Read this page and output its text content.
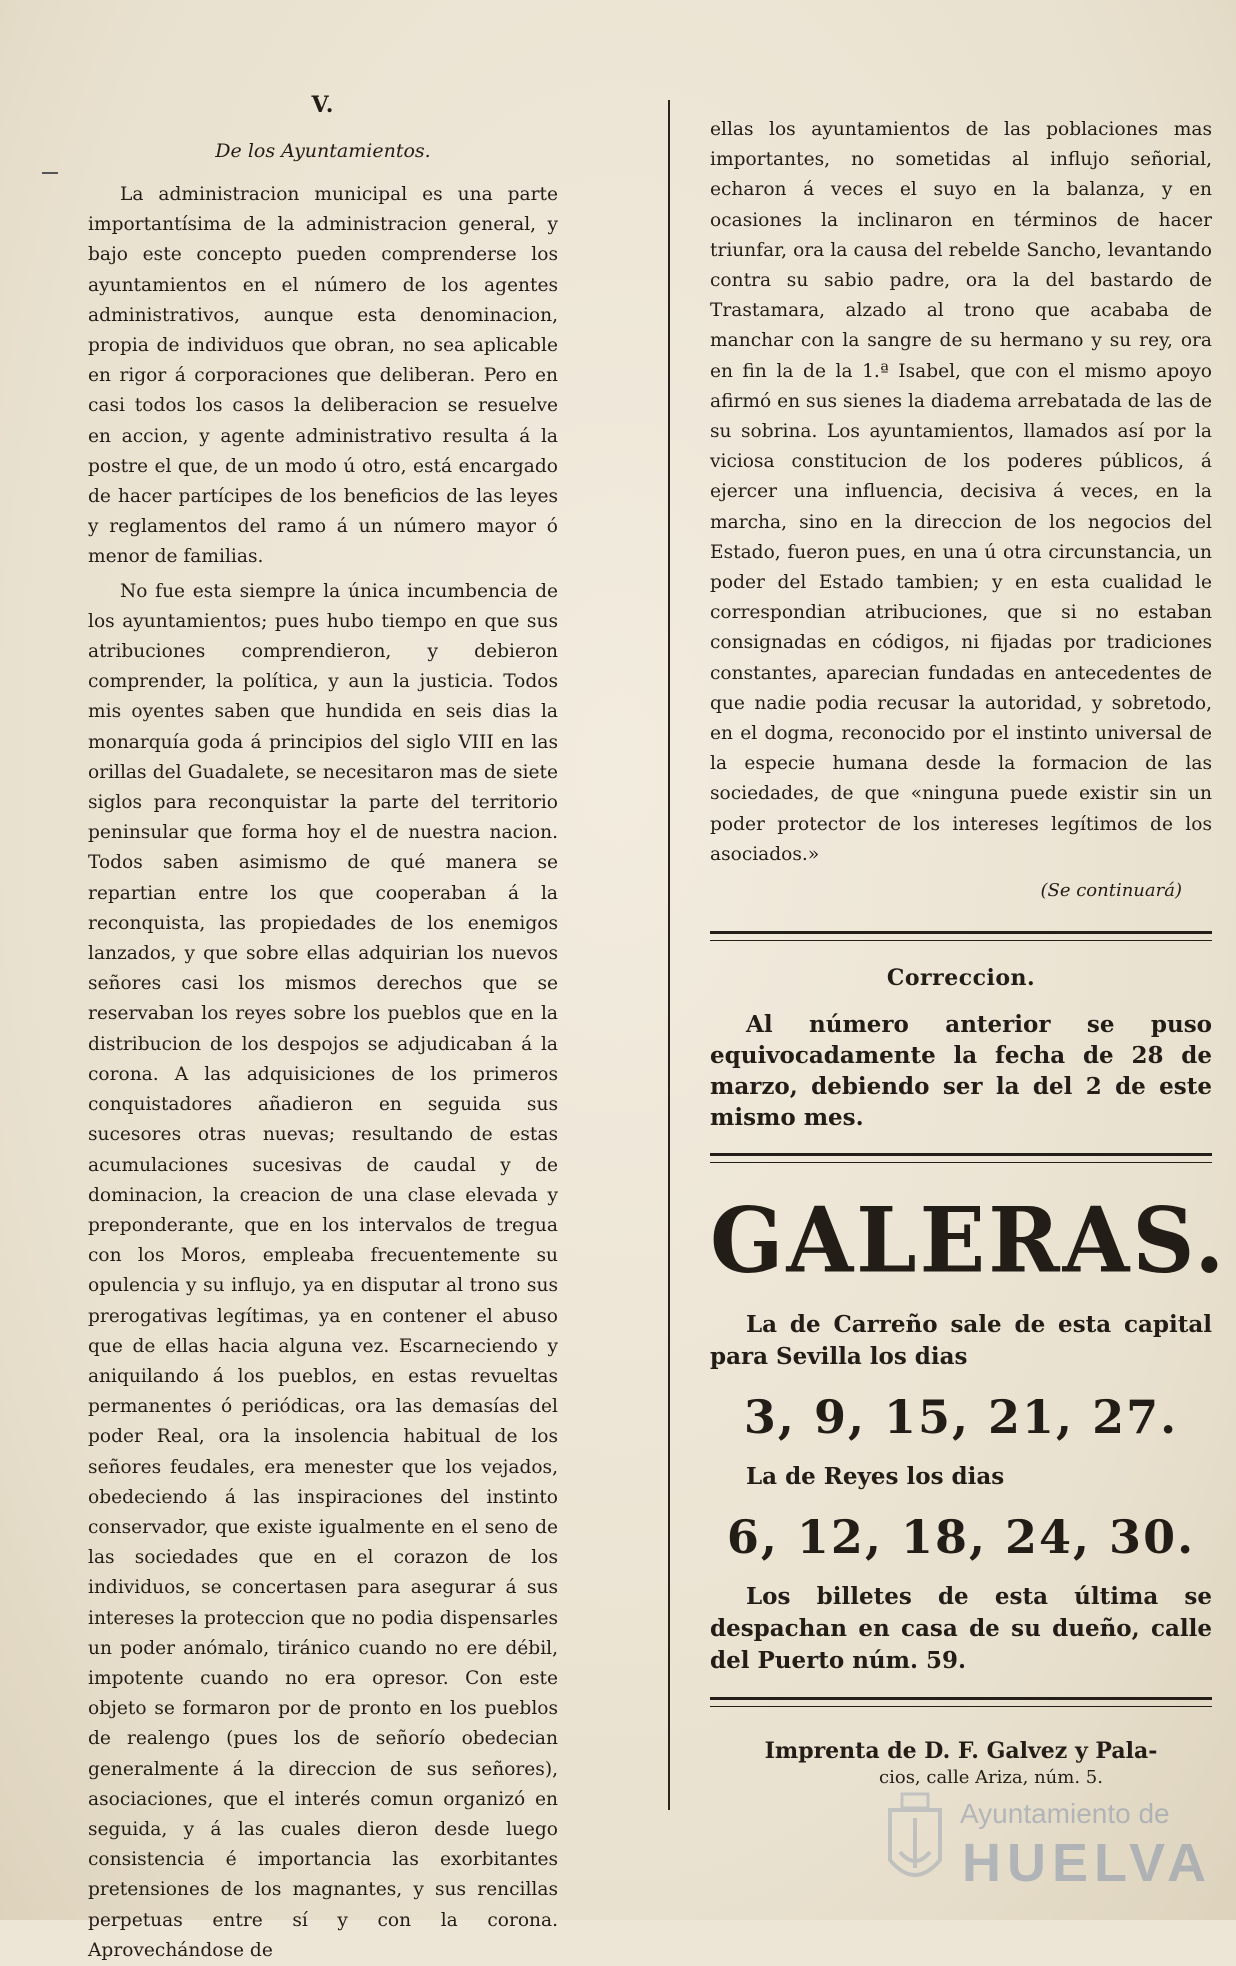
V.
De los Ayuntamientos.

La administracion municipal es una parte importantísima de la administracion general, y bajo este concepto pueden comprenderse los ayuntamientos en el número de los agentes administrativos, aunque esta denominacion, propia de individuos que obran, no sea aplicable en rigor á corporaciones que deliberan. Pero en casi todos los casos la deliberacion se resuelve en accion, y agente administrativo resulta á la postre el que, de un modo ú otro, está encargado de hacer partícipes de los beneficios de las leyes y reglamentos del ramo á un número mayor ó menor de familias.

No fue esta siempre la única incumbencia de los ayuntamientos; pues hubo tiempo en que sus atribuciones comprendieron, y debieron comprender, la política, y aun la justicia. Todos mis oyentes saben que hundida en seis dias la monarquía goda á principios del siglo VIII en las orillas del Guadalete, se necesitaron mas de siete siglos para reconquistar la parte del territorio peninsular que forma hoy el de nuestra nacion. Todos saben asimismo de qué manera se repartian entre los que cooperaban á la reconquista, las propiedades de los enemigos lanzados, y que sobre ellas adquirian los nuevos señores casi los mismos derechos que se reservaban los reyes sobre los pueblos que en la distribucion de los despojos se adjudicaban á la corona. A las adquisiciones de los primeros conquistadores añadieron en seguida sus sucesores otras nuevas; resultando de estas acumulaciones sucesivas de caudal y de dominacion, la creacion de una clase elevada y preponderante, que en los intervalos de tregua con los Moros, empleaba frecuentemente su opulencia y su influjo, ya en disputar al trono sus prerogativas legítimas, ya en contener el abuso que de ellas hacia alguna vez. Escarneciendo y aniquilando á los pueblos, en estas revueltas permanentes ó periódicas, ora las demasías del poder Real, ora la insolencia habitual de los señores feudales, era menester que los vejados, obedeciendo á las inspiraciones del instinto conservador, que existe igualmente en el seno de las sociedades que en el corazon de los individuos, se concertasen para asegurar á sus intereses la proteccion que no podia dispensarles un poder anómalo, tiránico cuando no ere débil, impotente cuando no era opresor. Con este objeto se formaron por de pronto en los pueblos de realengo (pues los de señorío obedecian generalmente á la direccion de sus señores), asociaciones, que el interés comun organizó en seguida, y á las cuales dieron desde luego consistencia é importancia las exorbitantes pretensiones de los magnantes, y sus rencillas perpetuas entre sí y con la corona. Aprovechándose de

ellas los ayuntamientos de las poblaciones mas importantes, no sometidas al influjo señorial, echaron á veces el suyo en la balanza, y en ocasiones la inclinaron en términos de hacer triunfar, ora la causa del rebelde Sancho, levantando contra su sabio padre, ora la del bastardo de Trastamara, alzado al trono que acababa de manchar con la sangre de su hermano y su rey, ora en fin la de la 1.ª Isabel, que con el mismo apoyo afirmó en sus sienes la diadema arrebatada de las de su sobrina. Los ayuntamientos, llamados así por la viciosa constitucion de los poderes públicos, á ejercer una influencia, decisiva á veces, en la marcha, sino en la direccion de los negocios del Estado, fueron pues, en una ú otra circunstancia, un poder del Estado tambien; y en esta cualidad le correspondian atribuciones, que si no estaban consignadas en códigos, ni fijadas por tradiciones constantes, aparecian fundadas en antecedentes de que nadie podia recusar la autoridad, y sobretodo, en el dogma, reconocido por el instinto universal de la especie humana desde la formacion de las sociedades, de que «ninguna puede existir sin un poder protector de los intereses legítimos de los asociados.»

(Se continuará)
Correccion.

Al número anterior se puso equivocadamente la fecha de 28 de marzo, debiendo ser la del 2 de este mismo mes.

GALERAS.

La de Carreño sale de esta capital para Sevilla los dias

3, 9, 15, 21, 27.

La de Reyes los dias

6, 12, 18, 24, 30.

Los billetes de esta última se despachan en casa de su dueño, calle del Puerto núm. 59.

Imprenta de D. F. Galvez y Pala-
cios, calle Ariza, núm. 5.
Ayuntamiento de
HUELVA
